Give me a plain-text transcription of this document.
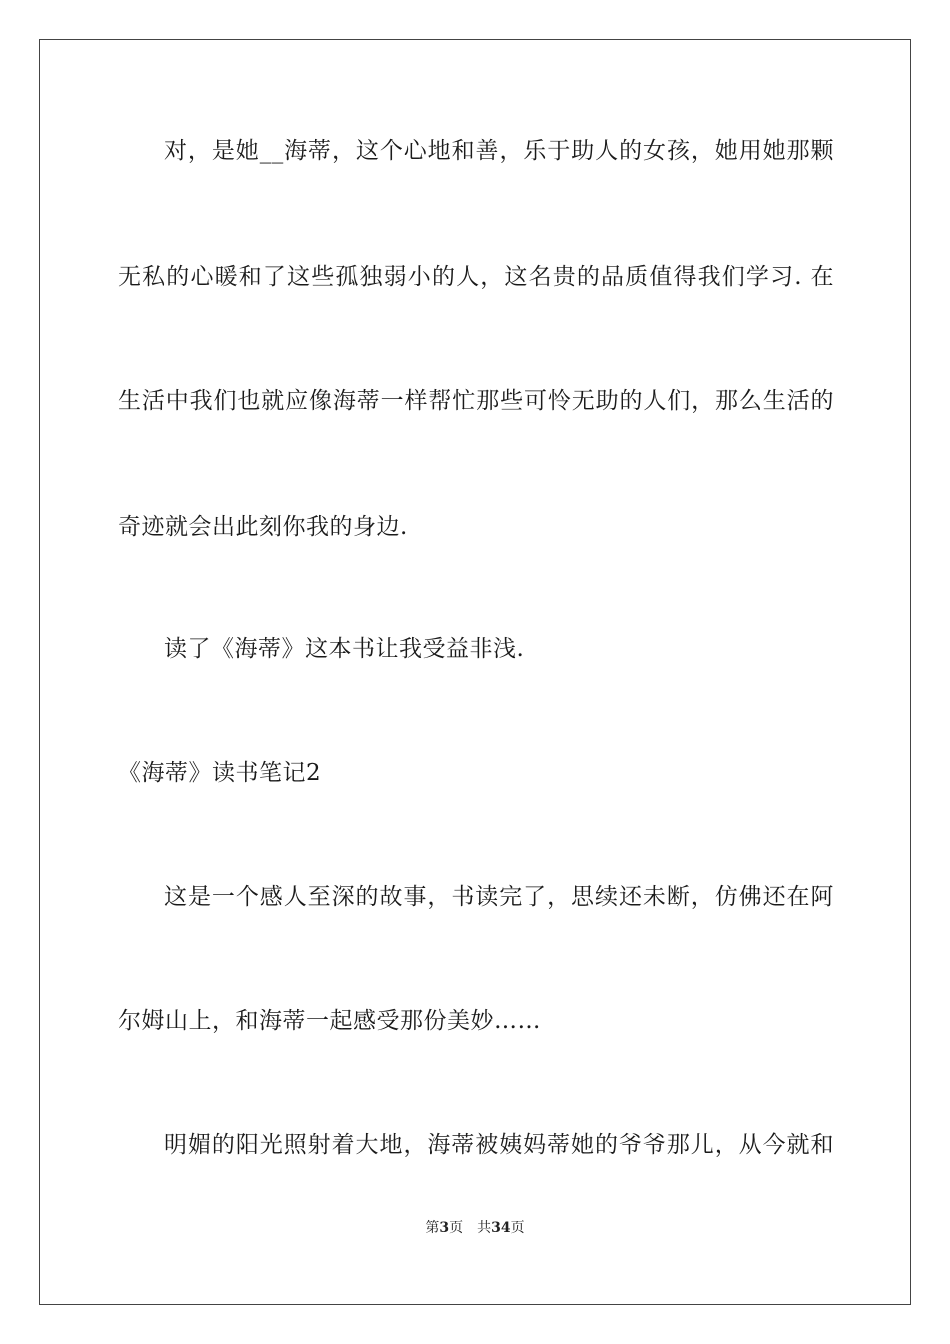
对，是她__海蒂，这个心地和善，乐于助人的女孩，她用她那颗
无私的心暖和了这些孤独弱小的人，这名贵的品质值得我们学习. 在
生活中我们也就应像海蒂一样帮忙那些可怜无助的人们，那么生活的
奇迹就会出此刻你我的身边.
读了《海蒂》这本书让我受益非浅.
《海蒂》读书笔记2
这是一个感人至深的故事，书读完了，思续还未断，仿佛还在阿
尔姆山上，和海蒂一起感受那份美妙……
明媚的阳光照射着大地，海蒂被姨妈蒂她的爷爷那儿，从今就和
第3页 共34页
